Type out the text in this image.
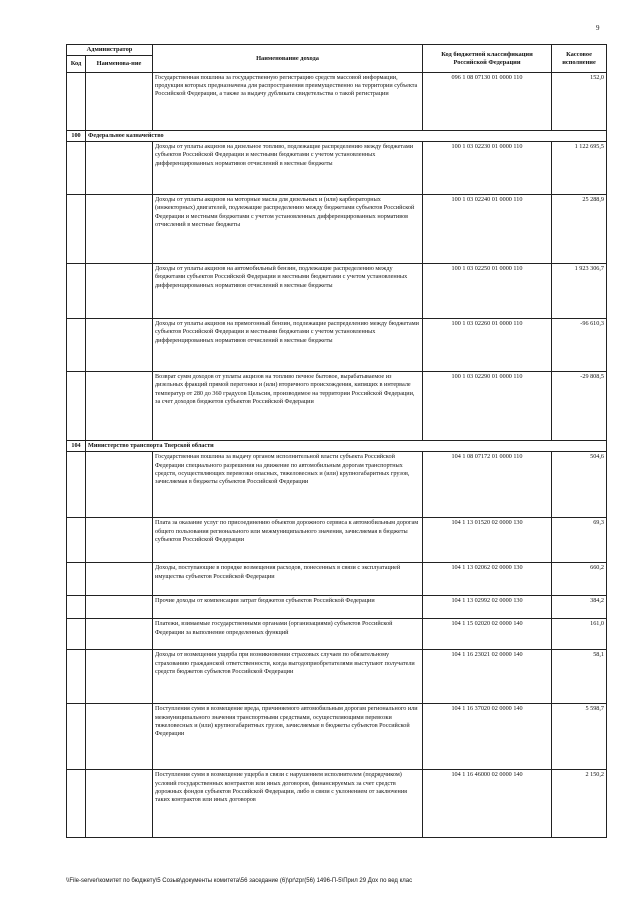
9
Администратор		Наименование дохода	Код бюджетной классификации Российской Федерации	Кассовое исполнение
Код	Наименова-ние			
		Государственная пошлина за государственную регистрацию средств массовой информации, продукция которых предназначена для распространения преимущественно на территории субъекта Российской Федерации, а также за выдачу дубликата свидетельства о такой регистрации	096 1 08 07130 01 0000 110	152,0
100	Федеральное казначейство			
		Доходы от уплаты акцизов на дизельное топливо, подлежащие распределению между бюджетами субъектов Российской Федерации и местными бюджетами с учетом установленных дифференцированных нормативов отчислений в местные бюджеты	100 1 03 02230 01 0000 110	1 122 695,5
		Доходы от уплаты акцизов на моторные масла для дизельных и (или) карбюраторных (инжекторных) двигателей, подлежащие распределению между бюджетами субъектов Российской Федерации и местными бюджетами с учетом установленных дифференцированных нормативов отчислений в местные бюджеты	100 1 03 02240 01 0000 110	25 288,9
		Доходы от уплаты акцизов на автомобильный бензин, подлежащие распределению между бюджетами субъектов Российской Федерации и местными бюджетами с учетом установленных дифференцированных нормативов отчислений в местные бюджеты	100 1 03 02250 01 0000 110	1 923 306,7
		Доходы от уплаты акцизов на прямогонный бензин, подлежащие распределению между бюджетами субъектов Российской Федерации и местными бюджетами с учетом установленных дифференцированных нормативов отчислений в местные бюджеты	100 1 03 02260 01 0000 110	-96 610,3
		Возврат сумм доходов от уплаты акцизов на топливо печное бытовое, вырабатываемое из дизельных фракций прямой перегонки и (или) вторичного происхождения, кипящих в интервале температур от 280 до 360 градусов Цельсия, производимое на территории Российской Федерации, за счет доходов бюджетов субъектов Российской Федерации	100 1 03 02290 01 0000 110	-29 808,5
104	Министерство транспорта Тверской области			
		Государственная пошлина за выдачу органом исполнительной власти субъекта Российской Федерации специального разрешения на движение по автомобильным дорогам транспортных средств, осуществляющих перевозки опасных, тяжеловесных и (или) крупногабаритных грузов, зачисляемая в бюджеты субъектов Российской Федерации	104 1 08 07172 01 0000 110	504,6
		Плата за оказание услуг по присоединению объектов дорожного сервиса к автомобильным дорогам общего пользования регионального или межмуниципального значения, зачисляемая в бюджеты субъектов Российской Федерации	104 1 13 01520 02 0000 130	69,3
		Доходы, поступающие в порядке возмещения расходов, понесенных в связи с эксплуатацией имущества субъектов Российской Федерации	104 1 13 02062 02 0000 130	660,2
		Прочие доходы от компенсации затрат бюджетов субъектов Российской Федерации	104 1 13 02992 02 0000 130	384,2
		Платежи, взимаемые государственными органами (организациями) субъектов Российской Федерации за выполнение определенных функций	104 1 15 02020 02 0000 140	161,0
		Доходы от возмещения ущерба при возникновении страховых случаев по обязательному страхованию гражданской ответственности, когда выгодоприобретателями выступают получатели средств бюджетов субъектов Российской Федерации	104 1 16 23021 02 0000 140	58,1
		Поступления сумм в возмещение вреда, причиняемого автомобильным дорогам регионального или межмуниципального значения транспортными средствами, осуществляющими перевозки тяжеловесных и (или) крупногабаритных грузов, зачисляемые в бюджеты субъектов Российской Федерации	104 1 16 37020 02 0000 140	5 598,7
		Поступления сумм в возмещение ущерба в связи с нарушением исполнителем (подрядчиком) условий государственных контрактов или иных договоров, финансируемых за счет средств дорожных фондов субъектов Российской Федерации, либо в связи с уклонением от заключения таких контрактов или иных договоров	104 1 16 46000 02 0000 140	2 150,2
\\File-server\комитет по бюджету\5 Созыв\документы комитета\56 заседание (6)\pr\zpr(56) 1496-П-5\Прил 29 Дох по вед клас
